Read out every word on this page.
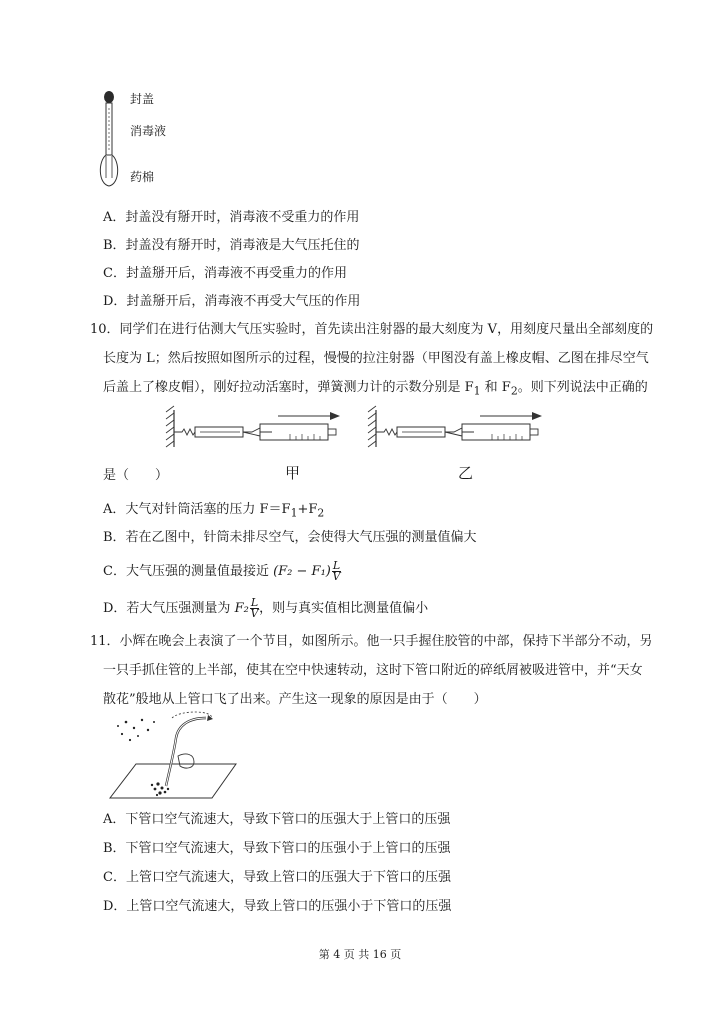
封盖
消毒液
药棉
A．封盖没有掰开时，消毒液不受重力的作用
B．封盖没有掰开时，消毒液是大气压托住的
C．封盖掰开后，消毒液不再受重力的作用
D．封盖掰开后，消毒液不再受大气压的作用
10．同学们在进行估测大气压实验时，首先读出注射器的最大刻度为 V，用刻度尺量出全部刻度的
长度为 L；然后按照如图所示的过程，慢慢的拉注射器（甲图没有盖上橡皮帽、乙图在排尽空气
后盖上了橡皮帽），刚好拉动活塞时，弹簧测力计的示数分别是 $F_1$ 和 $F_2$。则下列说法中正确的
是（　　）	甲	乙
A．大气对针筒活塞的压力 $F=F_1+F_2$
B．若在乙图中，针筒未排尽空气，会使得大气压强的测量值偏大
C．大气压强的测量值最接近 $(F_2 - F_1) \frac{L}{V}$
D．若大气压强测量为 $F_2 \frac{L}{V}$ ，则与真实值相比测量值偏小
11．小辉在晚会上表演了一个节目，如图所示。他一只手握住胶管的中部，保持下半部分不动，另
一只手抓住管的上半部，使其在空中快速转动，这时下管口附近的碎纸屑被吸进管中，并“天女
散花”般地从上管口飞了出来。产生这一现象的原因是由于（　　）
A．下管口空气流速大，导致下管口的压强大于上管口的压强
B．下管口空气流速大，导致下管口的压强小于上管口的压强
C．上管口空气流速大，导致上管口的压强大于下管口的压强
D．上管口空气流速大，导致上管口的压强小于下管口的压强
第 4 页 共 16 页
